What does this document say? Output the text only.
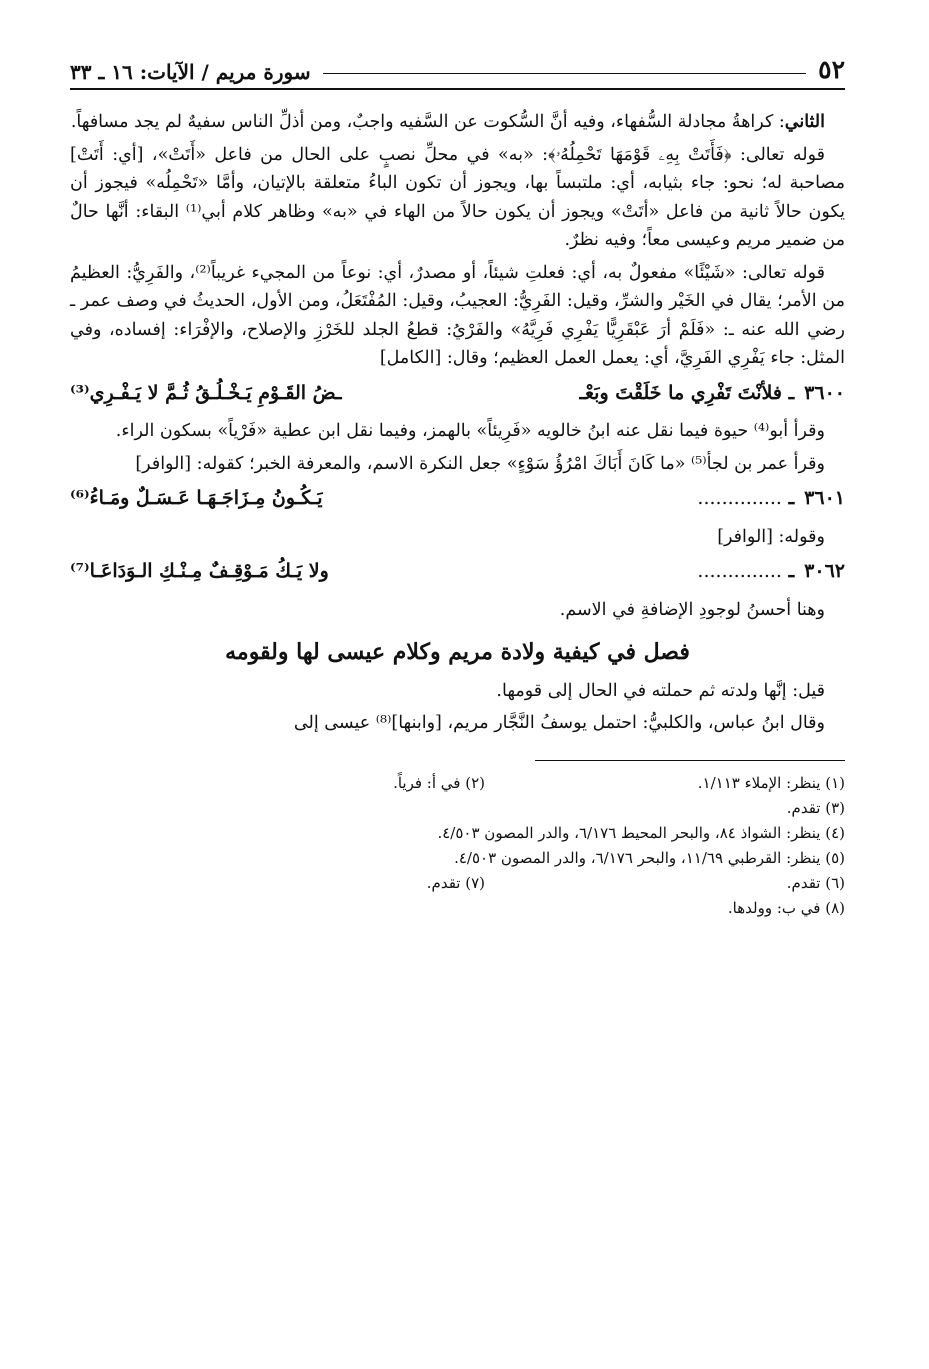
٥٢
سورة مريم / الآيات: ١٦ ـ ٣٣

الثاني: كراهةُ مجادلة السُّفهاء، وفيه أنَّ السُّكوت عن السَّفيه واجبٌ، ومن أذلِّ الناس سفيهٌ لم يجد مسافهاً.

قوله تعالى: ﴿فَأَتَتْ بِهِۦ قَوْمَهَا تَحْمِلُهُۥ﴾: «به» في محلِّ نصبٍ على الحال من فاعل «أَتَتْ»، [أي: أَتَتْ] مصاحبة له؛ نحو: جاء بثيابه، أي: ملتبساً بها، ويجوز أن تكون الباءُ متعلقة بالإتيان، وأمَّا «تَحْمِلُه» فيجوز أن يكون حالاً ثانية من فاعل «أتَتْ» ويجوز أن يكون حالاً من الهاء في «به» وظاهر كلام أبي⁽¹⁾ البقاء: أنَّها حالٌ من ضمير مريم وعيسى معاً؛ وفيه نظرٌ.

قوله تعالى: «شَيْئًا» مفعولٌ به، أي: فعلتِ شيئاً، أو مصدرٌ، أي: نوعاً من المجيء غريباً⁽²⁾، والفَرِيُّ: العظيمُ من الأمر؛ يقال في الخَيْر والشرِّ، وقيل: الفَرِيُّ: العجيبُ، وقيل: المُفْتَعَلُ، ومن الأول، الحديثُ في وصف عمر ـ رضي الله عنه ـ: «فَلَمْ أرَ عَبْقَرِيًّا يَفْرِي فَرِيَّهُ» والفَرْيُ: قطعُ الجلد للخَرْزِ والإصلاح، والإفْرَاء: إفساده، وفي المثل: جاء يَفْرِي الفَرِيَّ، أي: يعمل العمل العظيم؛ وقال: [الكامل]

٣٦٠٠ـ فلأنْتَ تَفْرِي ما خَلَقْتَ وبَعْـ
ـضُ القَـوْمِ يَـخْـلُـقُ ثُـمَّ لا يَـفْـرِي⁽³⁾

وقرأ أبو⁽⁴⁾ حيوة فيما نقل عنه ابنُ خالويه «فَرِيئاً» بالهمز، وفيما نقل ابن عطية «فَرْياً» بسكون الراء.

وقرأ عمر بن لجأ⁽⁵⁾ «ما كَانَ أَبَاكَ امْرُؤُ سَوْءٍ» جعل النكرة الاسم، والمعرفة الخبر؛ كقوله: [الوافر]

٣٦٠١ـ ..............
يَـكُـونُ مِـزَاجَـهَـا عَـسَـلٌ ومَـاءُ⁽⁶⁾

وقوله: [الوافر]

٣٠٦٢ـ ..............
ولا يَـكُ مَـوْقِـفٌ مِـنْـكِ الـوَدَاعَـا⁽⁷⁾

وهنا أحسنُ لوجودِ الإضافةِ في الاسم.

فصل في كيفية ولادة مريم وكلام عيسى لها ولقومه

قيل: إنَّها ولدته ثم حملته في الحال إلى قومها.

وقال ابنُ عباس، والكلبيُّ: احتمل يوسفُ النَّجَّار مريم، [وابنها]⁽⁸⁾ عيسى إلى

(١) ينظر: الإملاء ١/١١٣.
(٢) في أ: فرياً.
(٣) تقدم.
(٤) ينظر: الشواذ ٨٤، والبحر المحيط ٦/١٧٦، والدر المصون ٤/٥٠٣.
(٥) ينظر: القرطبي ١١/٦٩، والبحر ٦/١٧٦، والدر المصون ٤/٥٠٣.
(٦) تقدم.
(٧) تقدم.
(٨) في ب: وولدها.
